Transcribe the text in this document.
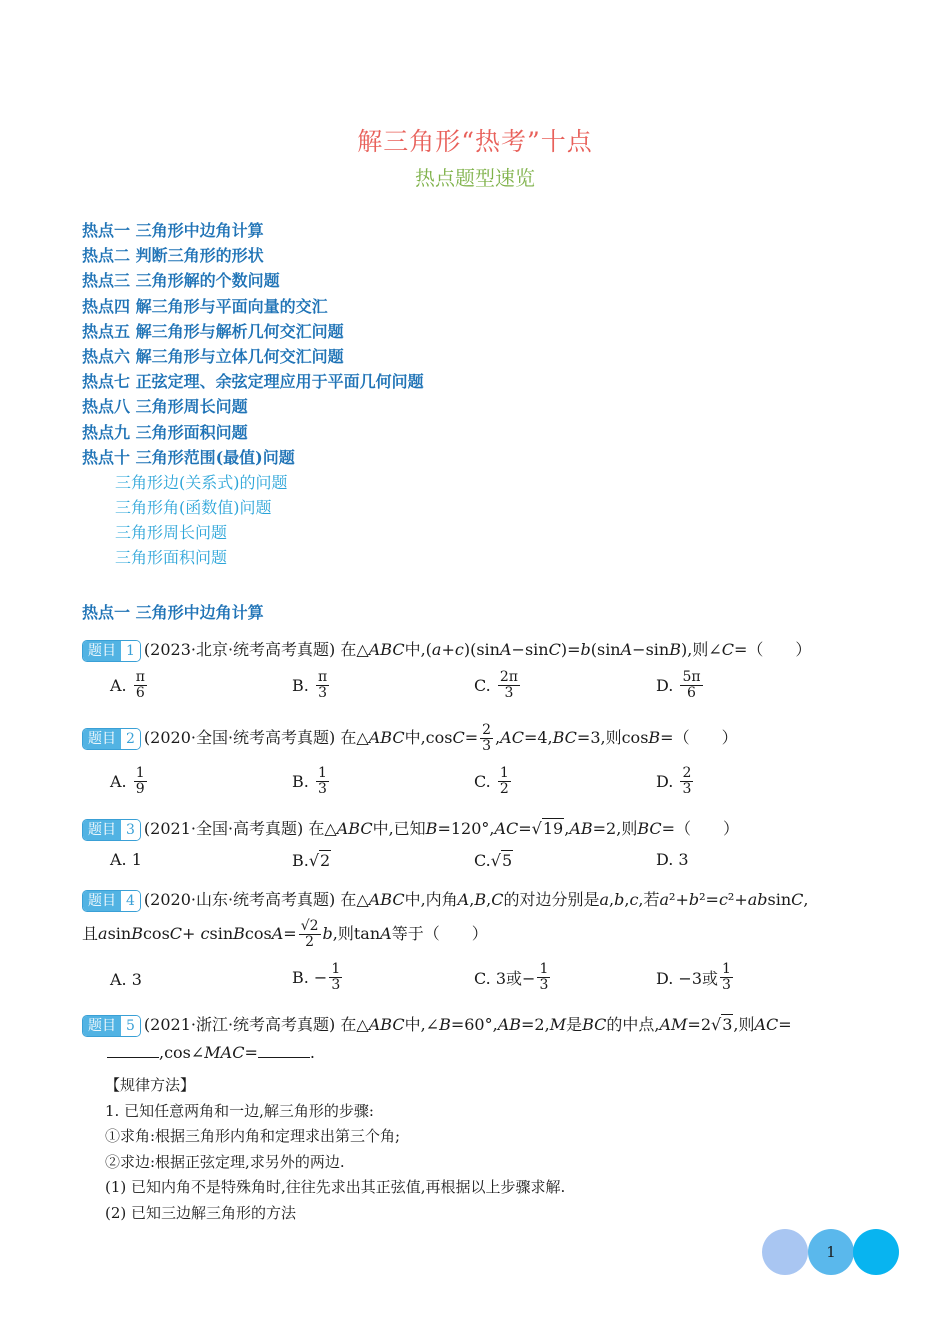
解三角形“热考”十点
热点题型速览
热点一 三角形中边角计算
热点二 判断三角形的形状
热点三 三角形解的个数问题
热点四 解三角形与平面向量的交汇
热点五 解三角形与解析几何交汇问题
热点六 解三角形与立体几何交汇问题
热点七 正弦定理、余弦定理应用于平面几何问题
热点八 三角形周长问题
热点九 三角形面积问题
热点十 三角形范围(最值)问题
三角形边(关系式)的问题
三角形角(函数值)问题
三角形周长问题
三角形面积问题
热点一 三角形中边角计算
题目 1 (2023·北京·统考高考真题) 在△ABC中,(a+c)(sinA−sinC)=b(sinA−sinB),则∠C=（　　）
A.
$\frac{\pi}{6}$	B.
$\frac{\pi}{3}$	C.
$\frac{2\pi}{3}$	D.
$\frac{5\pi}{6}$
题目 2 (2020·全国·统考高考真题) 在△ABC中$,\cos C= \frac{2}{3} ,AC=4,BC=3$,则cosB=（　　）
A.
$\frac{1}{9}$	B.
$\frac{1}{3}$	C.
$\frac{1}{2}$	D.
$\frac{2}{3}$
题目 3 (2021·全国·高考真题) 在△ABC中,已知B=120°,AC=√19,AB=2,则BC=（　　）
A. 1	B. √ 2	C. √ 5	D. 3
题目 4 (2020·山东·统考高考真题) 在△ABC中,内角A,B,C的对边分别是a,b,c,若a²+b²=c²+absinC,
且asinBcosC+ csinBcosA= $\frac{√2}{2} b$,则tanA等于（　　）
A. 3	B. − $\frac{1}{3}$	C. 3或− $\frac{1}{3}$	D. −3或 $\frac{1}{3}$
题目 5 (2021·浙江·统考高考真题) 在△ABC中,∠B=60°,AB=2,M是BC的中点,AM=2√3,则AC=
,cos∠MAC=	.
【规律方法】
1. 已知任意两角和一边,解三角形的步骤:
①求角:根据三角形内角和定理求出第三个角;
②求边:根据正弦定理,求另外的两边.
(1) 已知内角不是特殊角时,往往先求出其正弦值,再根据以上步骤求解.
(2) 已知三边解三角形的方法
1
